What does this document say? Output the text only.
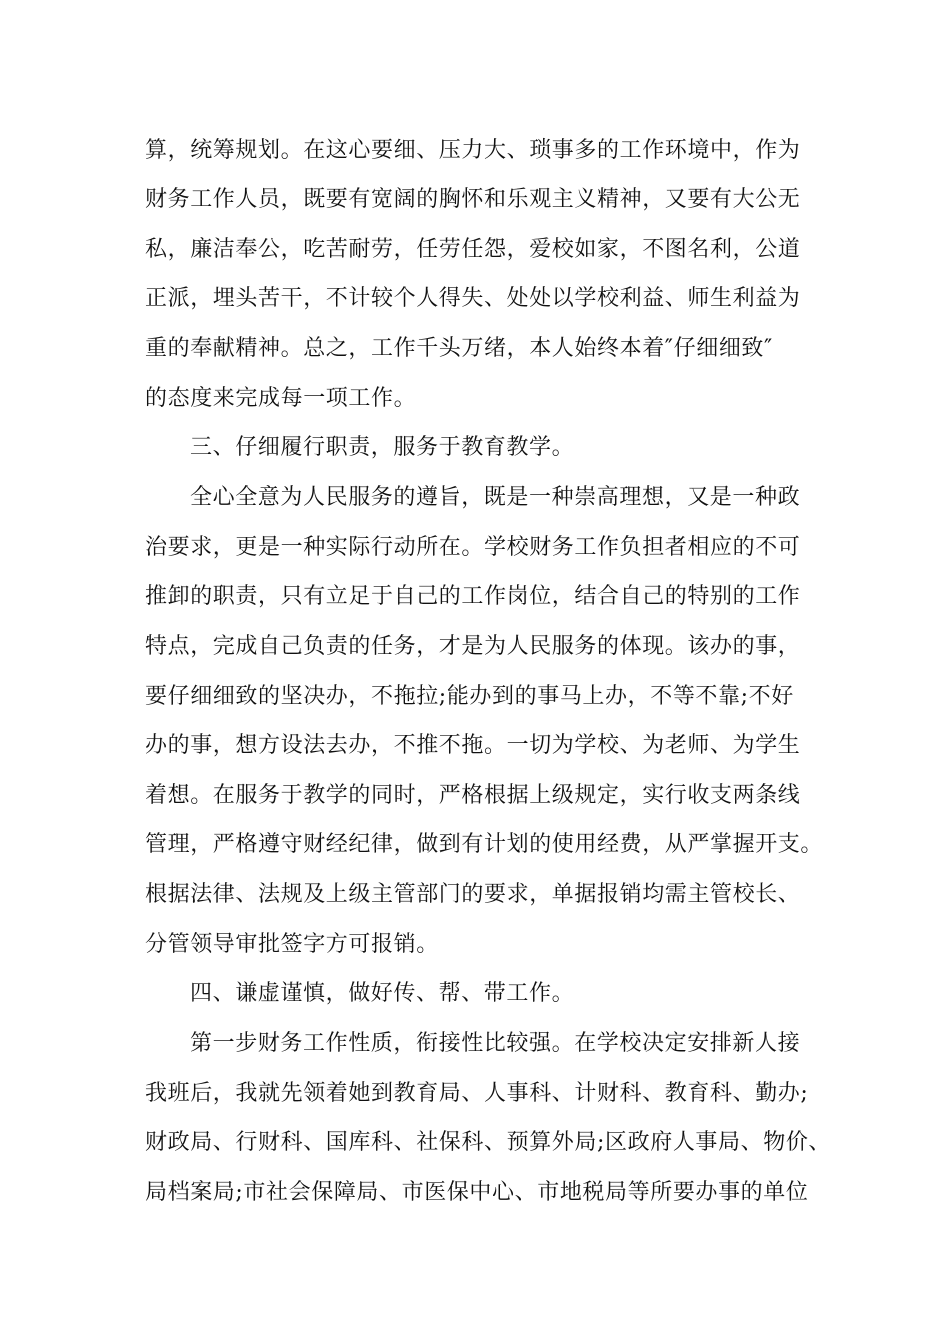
算，统筹规划。在这心要细、压力大、琐事多的工作环境中，作为
财务工作人员，既要有宽阔的胸怀和乐观主义精神，又要有大公无
私，廉洁奉公，吃苦耐劳，任劳任怨，爱校如家，不图名利，公道
正派，埋头苦干，不计较个人得失、处处以学校利益、师生利益为
重的奉献精神。总之，工作千头万绪，本人始终本着″仔细细致″
的态度来完成每一项工作。
三、仔细履行职责，服务于教育教学。
全心全意为人民服务的遵旨，既是一种崇高理想，又是一种政
治要求，更是一种实际行动所在。学校财务工作负担者相应的不可
推卸的职责，只有立足于自己的工作岗位，结合自己的特别的工作
特点，完成自己负责的任务，才是为人民服务的体现。该办的事，
要仔细细致的坚决办，不拖拉;能办到的事马上办，不等不靠;不好
办的事，想方设法去办，不推不拖。一切为学校、为老师、为学生
着想。在服务于教学的同时，严格根据上级规定，实行收支两条线
管理，严格遵守财经纪律，做到有计划的使用经费，从严掌握开支。
根据法律、法规及上级主管部门的要求，单据报销均需主管校长、
分管领导审批签字方可报销。
四、谦虚谨慎，做好传、帮、带工作。
第一步财务工作性质，衔接性比较强。在学校决定安排新人接
我班后，我就先领着她到教育局、人事科、计财科、教育科、勤办;
财政局、行财科、国库科、社保科、预算外局;区政府人事局、物价、
局档案局;市社会保障局、市医保中心、市地税局等所要办事的单位
